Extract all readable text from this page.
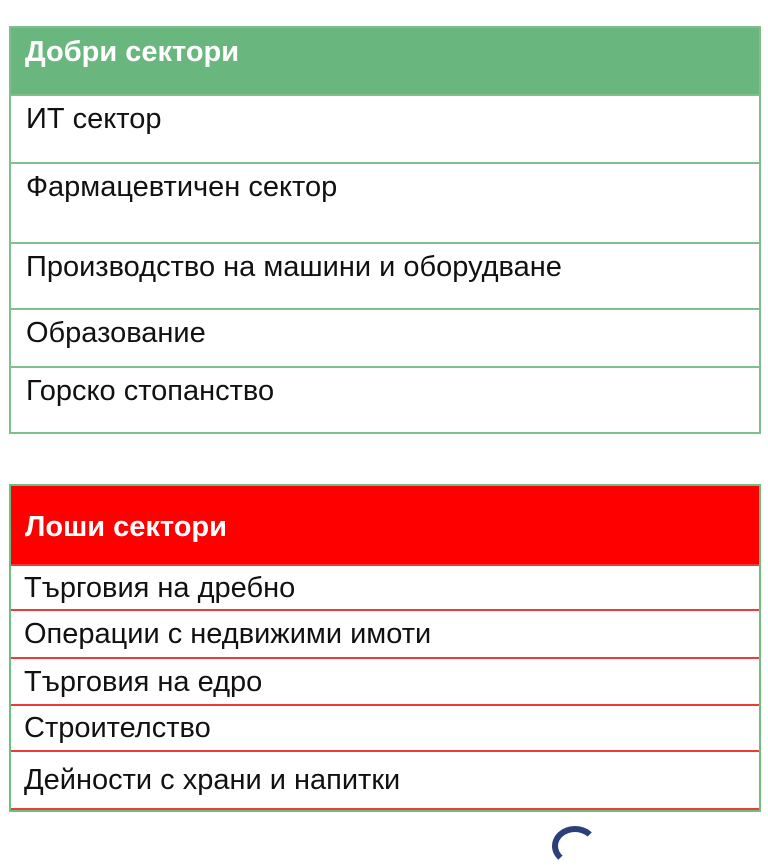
Добри сектори
ИТ сектор
Фармацевтичен сектор
Производство на машини и оборудване
Образование
Горско стопанство
Лоши сектори
Търговия на дребно
Операции с недвижими имоти
Търговия на едро
Строителство
Дейности с храни и напитки
